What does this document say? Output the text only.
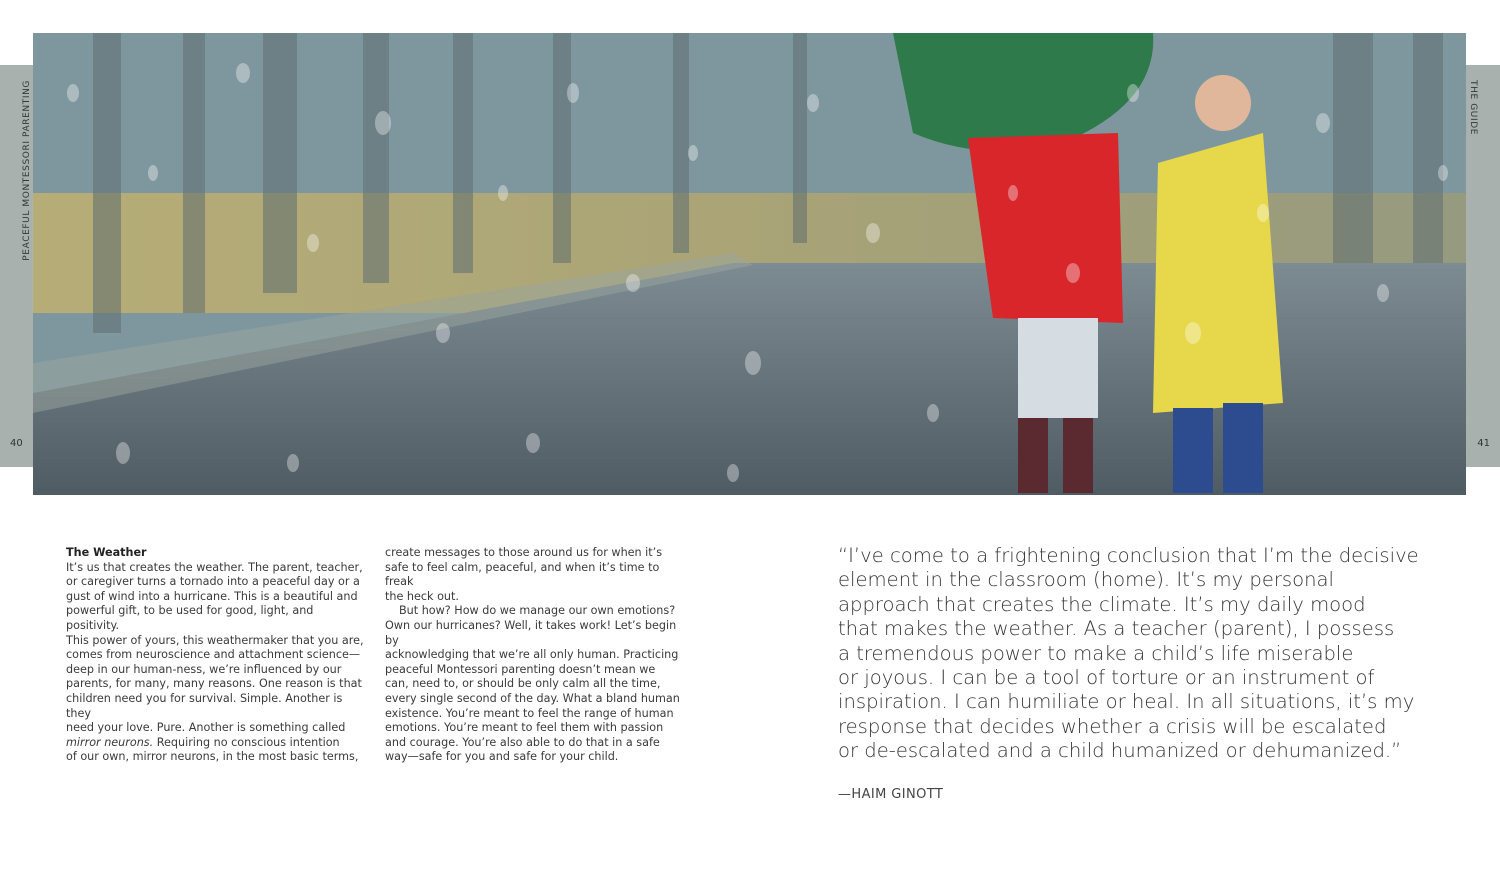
PEACEFUL MONTESSORI PARENTING	THE GUIDE
40	41

The Weather

It’s us that creates the weather. The parent, teacher,

or caregiver turns a tornado into a peaceful day or a

gust of wind into a hurricane. This is a beautiful and

powerful gift, to be used for good, light, and positivity.

This power of yours, this weathermaker that you are,

comes from neuroscience and attachment science—

deep in our human-ness, we’re influenced by our

parents, for many, many reasons. One reason is that

children need you for survival. Simple. Another is they

need your love. Pure. Another is something called

mirror neurons. Requiring no conscious intention

of our own, mirror neurons, in the most basic terms,

create messages to those around us for when it’s

safe to feel calm, peaceful, and when it’s time to freak

the heck out.

But how? How do we manage our own emotions?

Own our hurricanes? Well, it takes work! Let’s begin by

acknowledging that we’re all only human. Practicing

peaceful Montessori parenting doesn’t mean we

can, need to, or should be only calm all the time,

every single second of the day. What a bland human

existence. You’re meant to feel the range of human

emotions. You’re meant to feel them with passion

and courage. You’re also able to do that in a safe

way—safe for you and safe for your child.

“I’ve come to a frightening conclusion that I’m the decisive

element in the classroom (home). It’s my personal

approach that creates the climate. It’s my daily mood

that makes the weather. As a teacher (parent), I possess

a tremendous power to make a child’s life miserable

or joyous. I can be a tool of torture or an instrument of

inspiration. I can humiliate or heal. In all situations, it’s my

response that decides whether a crisis will be escalated

or de-escalated and a child humanized or dehumanized.”

—HAIM GINOTT
